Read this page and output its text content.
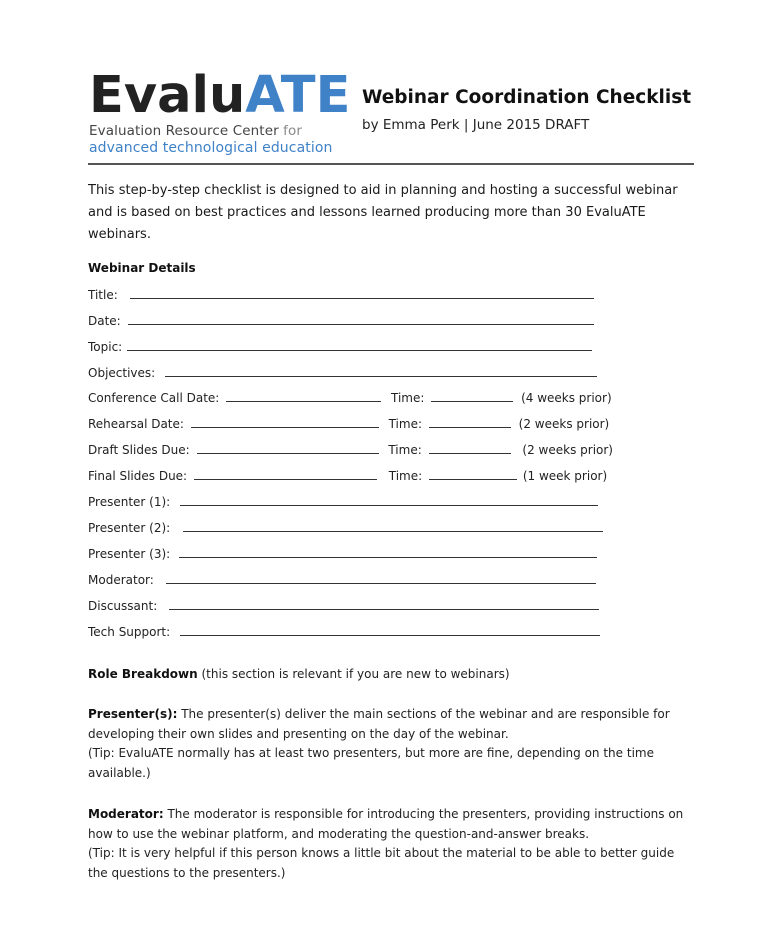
EvaluATE
Evaluation Resource Center for
advanced technological education
Webinar Coordination Checklist
by Emma Perk | June 2015 DRAFT
This step-by-step checklist is designed to aid in planning and hosting a successful webinar and is based on best practices and lessons learned producing more than 30 EvaluATE webinars.
Webinar Details
Title:
Date:
Topic:
Objectives:
Conference Call Date:	Time:	(4 weeks prior)
Rehearsal Date:	Time:	(2 weeks prior)
Draft Slides Due:	Time:	(2 weeks prior)
Final Slides Due:	Time:	(1 week prior)
Presenter (1):
Presenter (2):
Presenter (3):
Moderator:
Discussant:
Tech Support:
Role Breakdown (this section is relevant if you are new to webinars)
Presenter(s): The presenter(s) deliver the main sections of the webinar and are responsible for developing their own slides and presenting on the day of the webinar.
(Tip: EvaluATE normally has at least two presenters, but more are fine, depending on the time available.)
Moderator: The moderator is responsible for introducing the presenters, providing instructions on how to use the webinar platform, and moderating the question-and-answer breaks.
(Tip: It is very helpful if this person knows a little bit about the material to be able to better guide the questions to the presenters.)
